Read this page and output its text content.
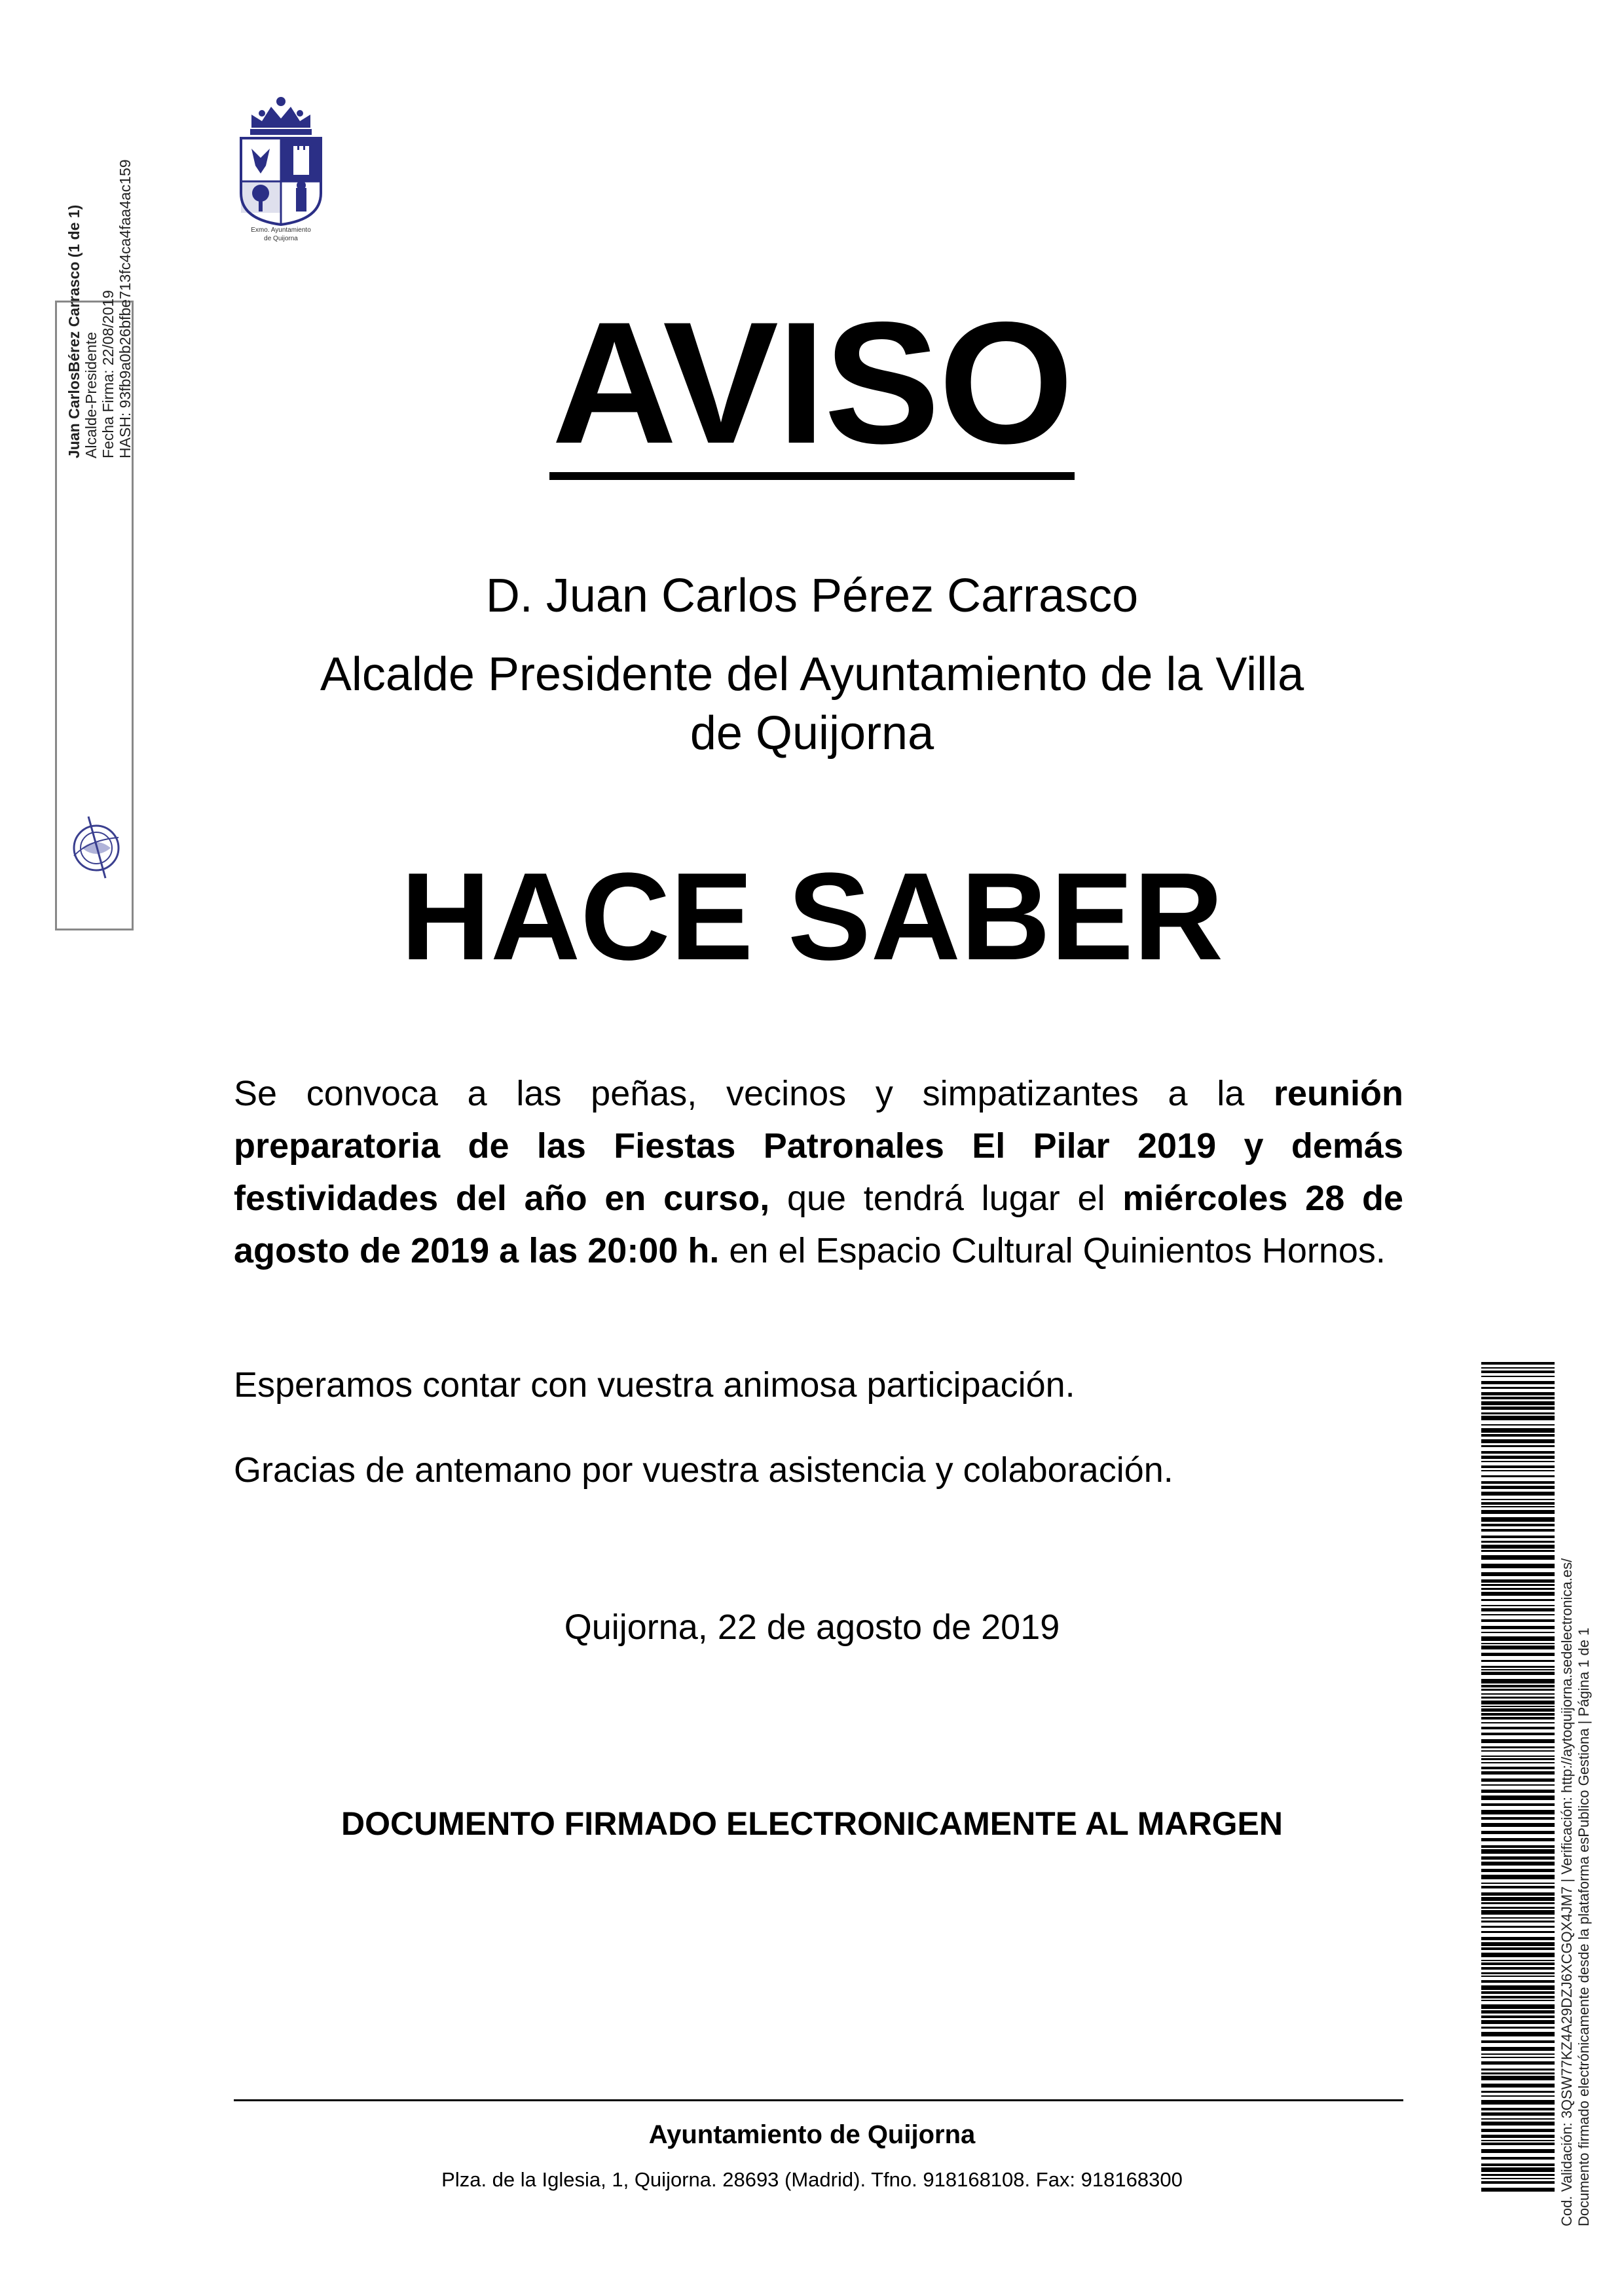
Exmo. Ayuntamiento
de Quijorna
Juan CarlosBérez Carrasco (1 de 1) Alcalde-Presidente Fecha Firma: 22/08/2019 HASH: 93fb9a0b26bfbe713fc4ca4faa4ac159	AVISO
D. Juan Carlos Pérez Carrasco
Alcalde Presidente del Ayuntamiento de la Villa
de Quijorna
HACE SABER
Se convoca a las peñas, vecinos y simpatizantes a la reunión preparatoria de las Fiestas Patronales El Pilar 2019 y demás festividades del año en curso, que tendrá lugar el miércoles 28 de agosto de 2019 a las 20:00 h. en el Espacio Cultural Quinientos Hornos.
Esperamos contar con vuestra animosa participación.
Gracias de antemano por vuestra asistencia y colaboración.
Quijorna, 22 de agosto de 2019
DOCUMENTO FIRMADO ELECTRONICAMENTE AL MARGEN
Ayuntamiento de Quijorna
Plza. de la Iglesia, 1, Quijorna. 28693 (Madrid). Tfno. 918168108. Fax: 918168300	Cod. Validación: 3QSW77KZ4A29DZJ6XCGQX4JM7 | Verificación: http://aytoquijorna.sedelectronica.es/ Documento firmado electrónicamente desde la plataforma esPublico Gestiona | Página 1 de 1
